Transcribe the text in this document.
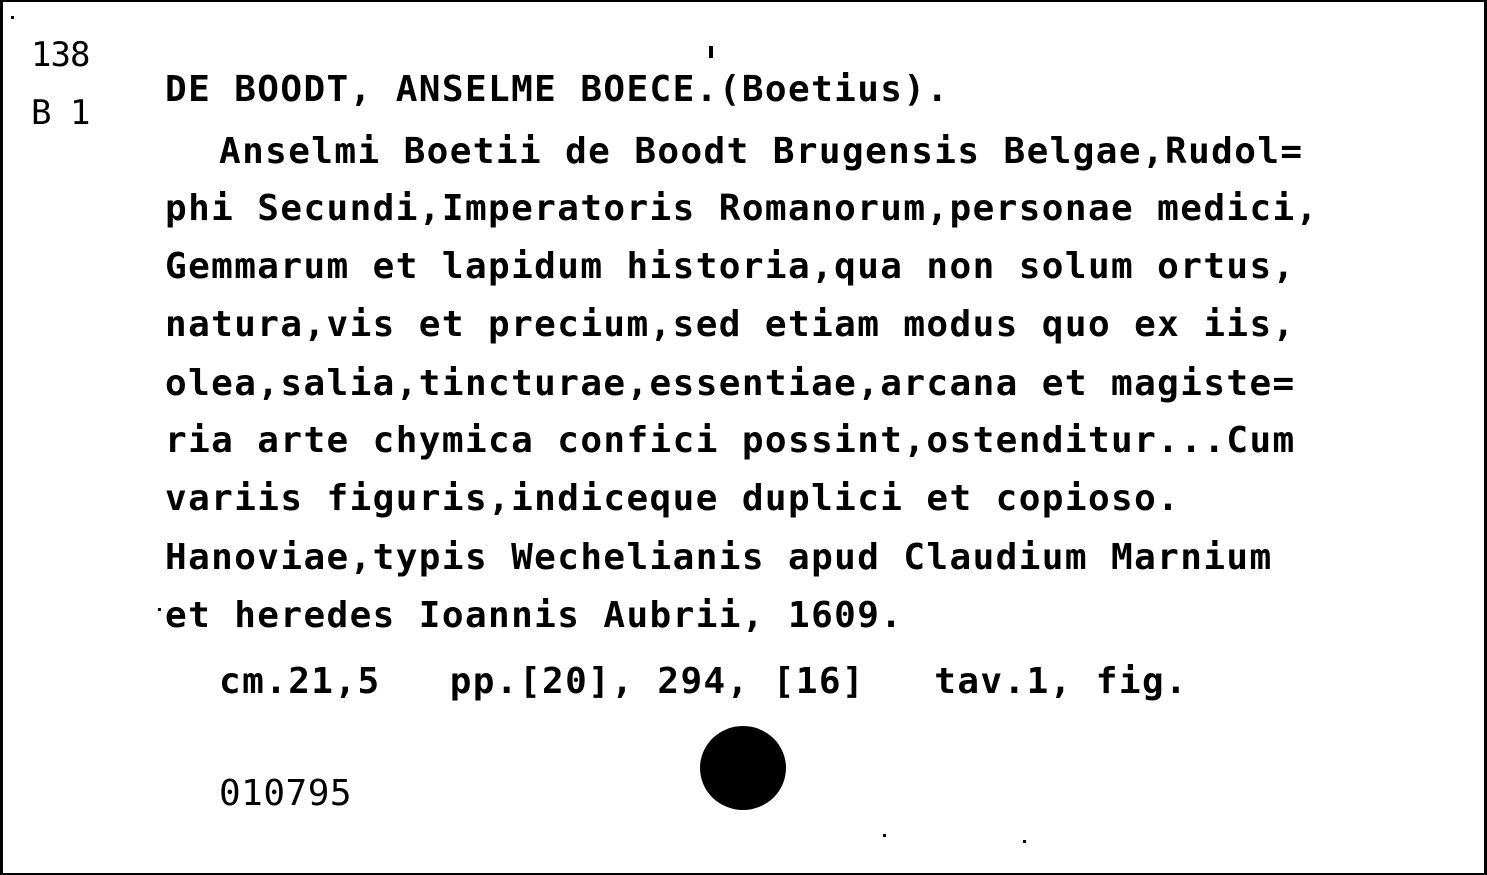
138
B 1
DE BOODT, ANSELME BOECE.(Boetius).
Anselmi Boetii de Boodt Brugensis Belgae,Rudol=
phi Secundi,Imperatoris Romanorum,personae medici,
Gemmarum et lapidum historia,qua non solum ortus,
natura,vis et precium,sed etiam modus quo ex iis,
olea,salia,tincturae,essentiae,arcana et magiste=
ria arte chymica confici possint,ostenditur...Cum
variis figuris,indiceque duplici et copioso.
Hanoviae,typis Wechelianis apud Claudium Marnium
et heredes Ioannis Aubrii, 1609.
cm.21,5   pp.[20], 294, [16]   tav.1, fig.
010795
